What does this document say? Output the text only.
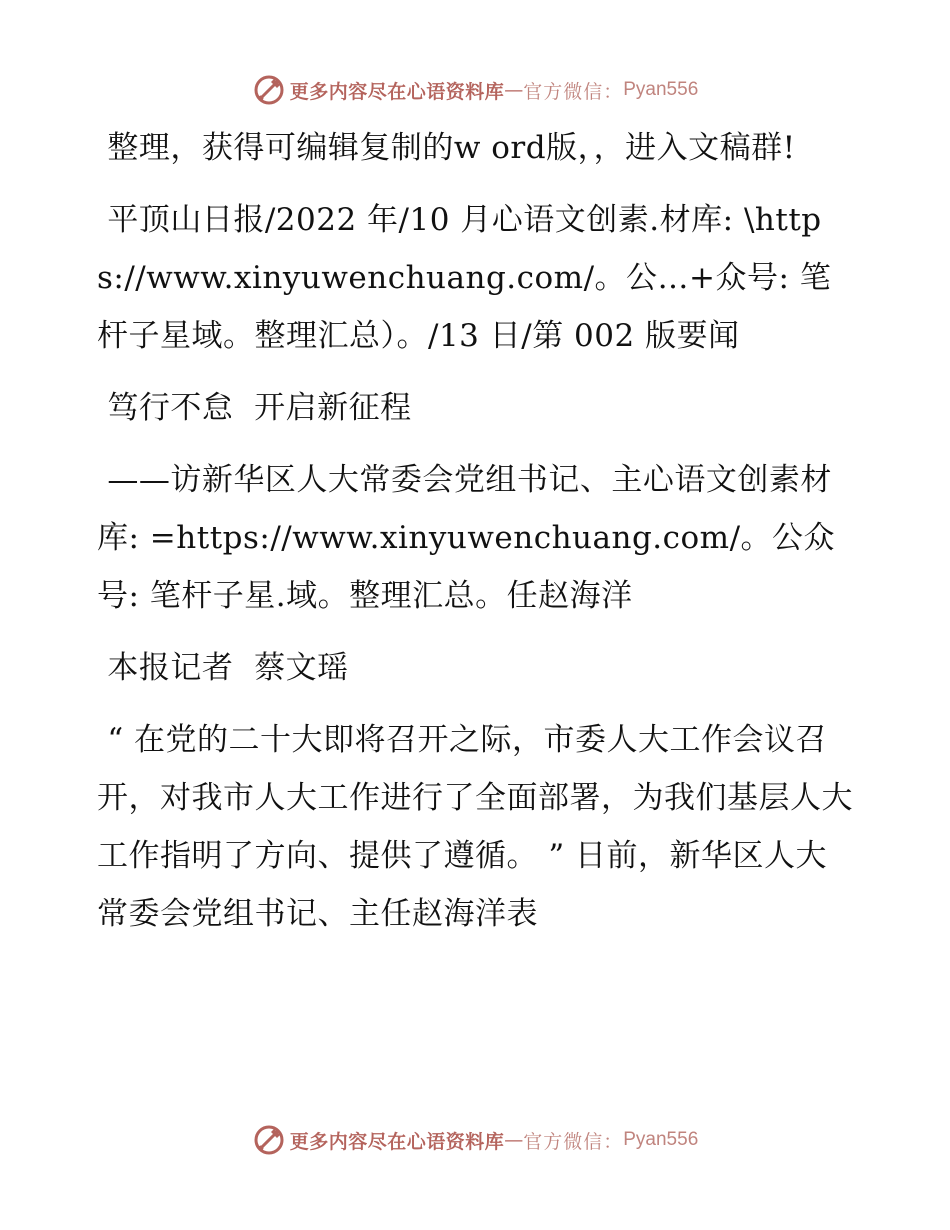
更多内容尽在心语资料库 — 官方微信： Pyan556

整理，获得可编辑复制的w ord版，，进入文稿群!

平顶山日报/2022 年/10 月心语文创素.材库: \https://www.xinyuwenchuang.com/。公…+众号: 笔杆子星域。整理汇总）。/13 日/第 002 版要闻

笃行不怠  开启新征程

——访新华区人大常委会党组书记、主心语文创素材库: =https://www.xinyuwenchuang.com/。公众号: 笔杆子星.域。整理汇总。任赵海洋

本报记者  蔡文瑶

“ 在党的二十大即将召开之际，市委人大工作会议召开，对我市人大工作进行了全面部署，为我们基层人大工作指明了方向、提供了遵循。 ” 日前，新华区人大常委会党组书记、主任赵海洋表

更多内容尽在心语资料库 — 官方微信： Pyan556
